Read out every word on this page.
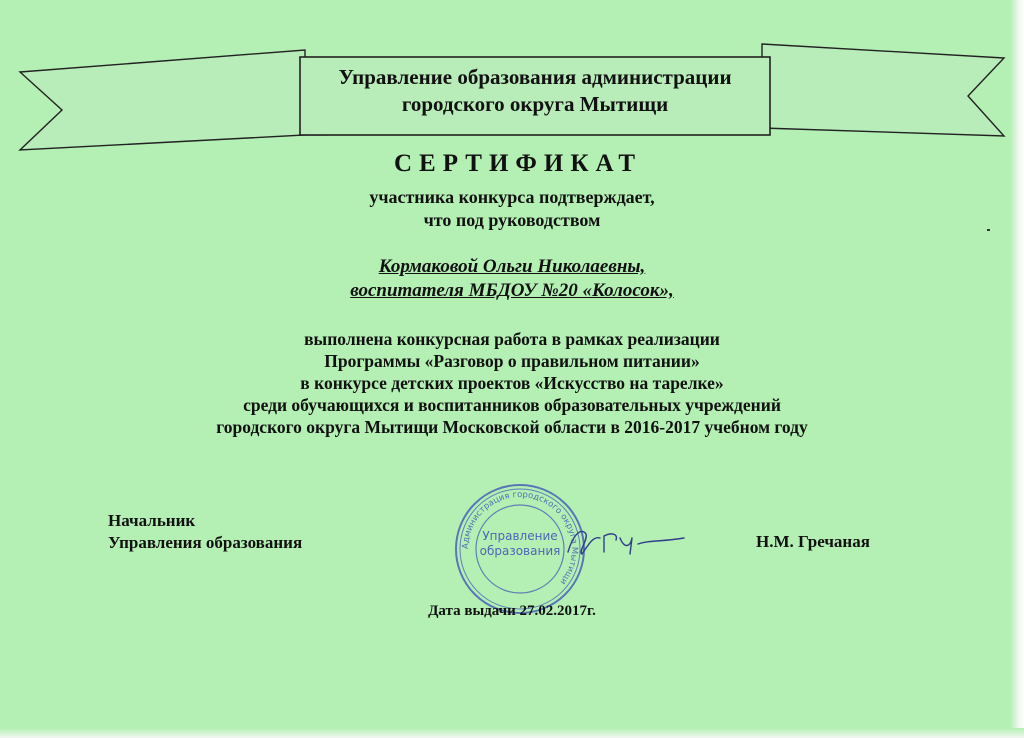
Управление образования администрации
городского округа Мытищи
СЕРТИФИКАТ
участника конкурса подтверждает,
что под руководством
Кормаковой Ольги Николаевны,
воспитателя МБДОУ №20 «Колосок»,
выполнена конкурсная работа в рамках реализации
Программы «Разговор о правильном питании»
в конкурсе детских проектов «Искусство на тарелке»
среди обучающихся и воспитанников образовательных учреждений
городского округа Мытищи Московской области в 2016-2017 учебном году
Начальник
Управления образования	Администрация городского округа Мытищи
Управление
образования	Н.М. Гречаная
Дата выдачи 27.02.2017г.
